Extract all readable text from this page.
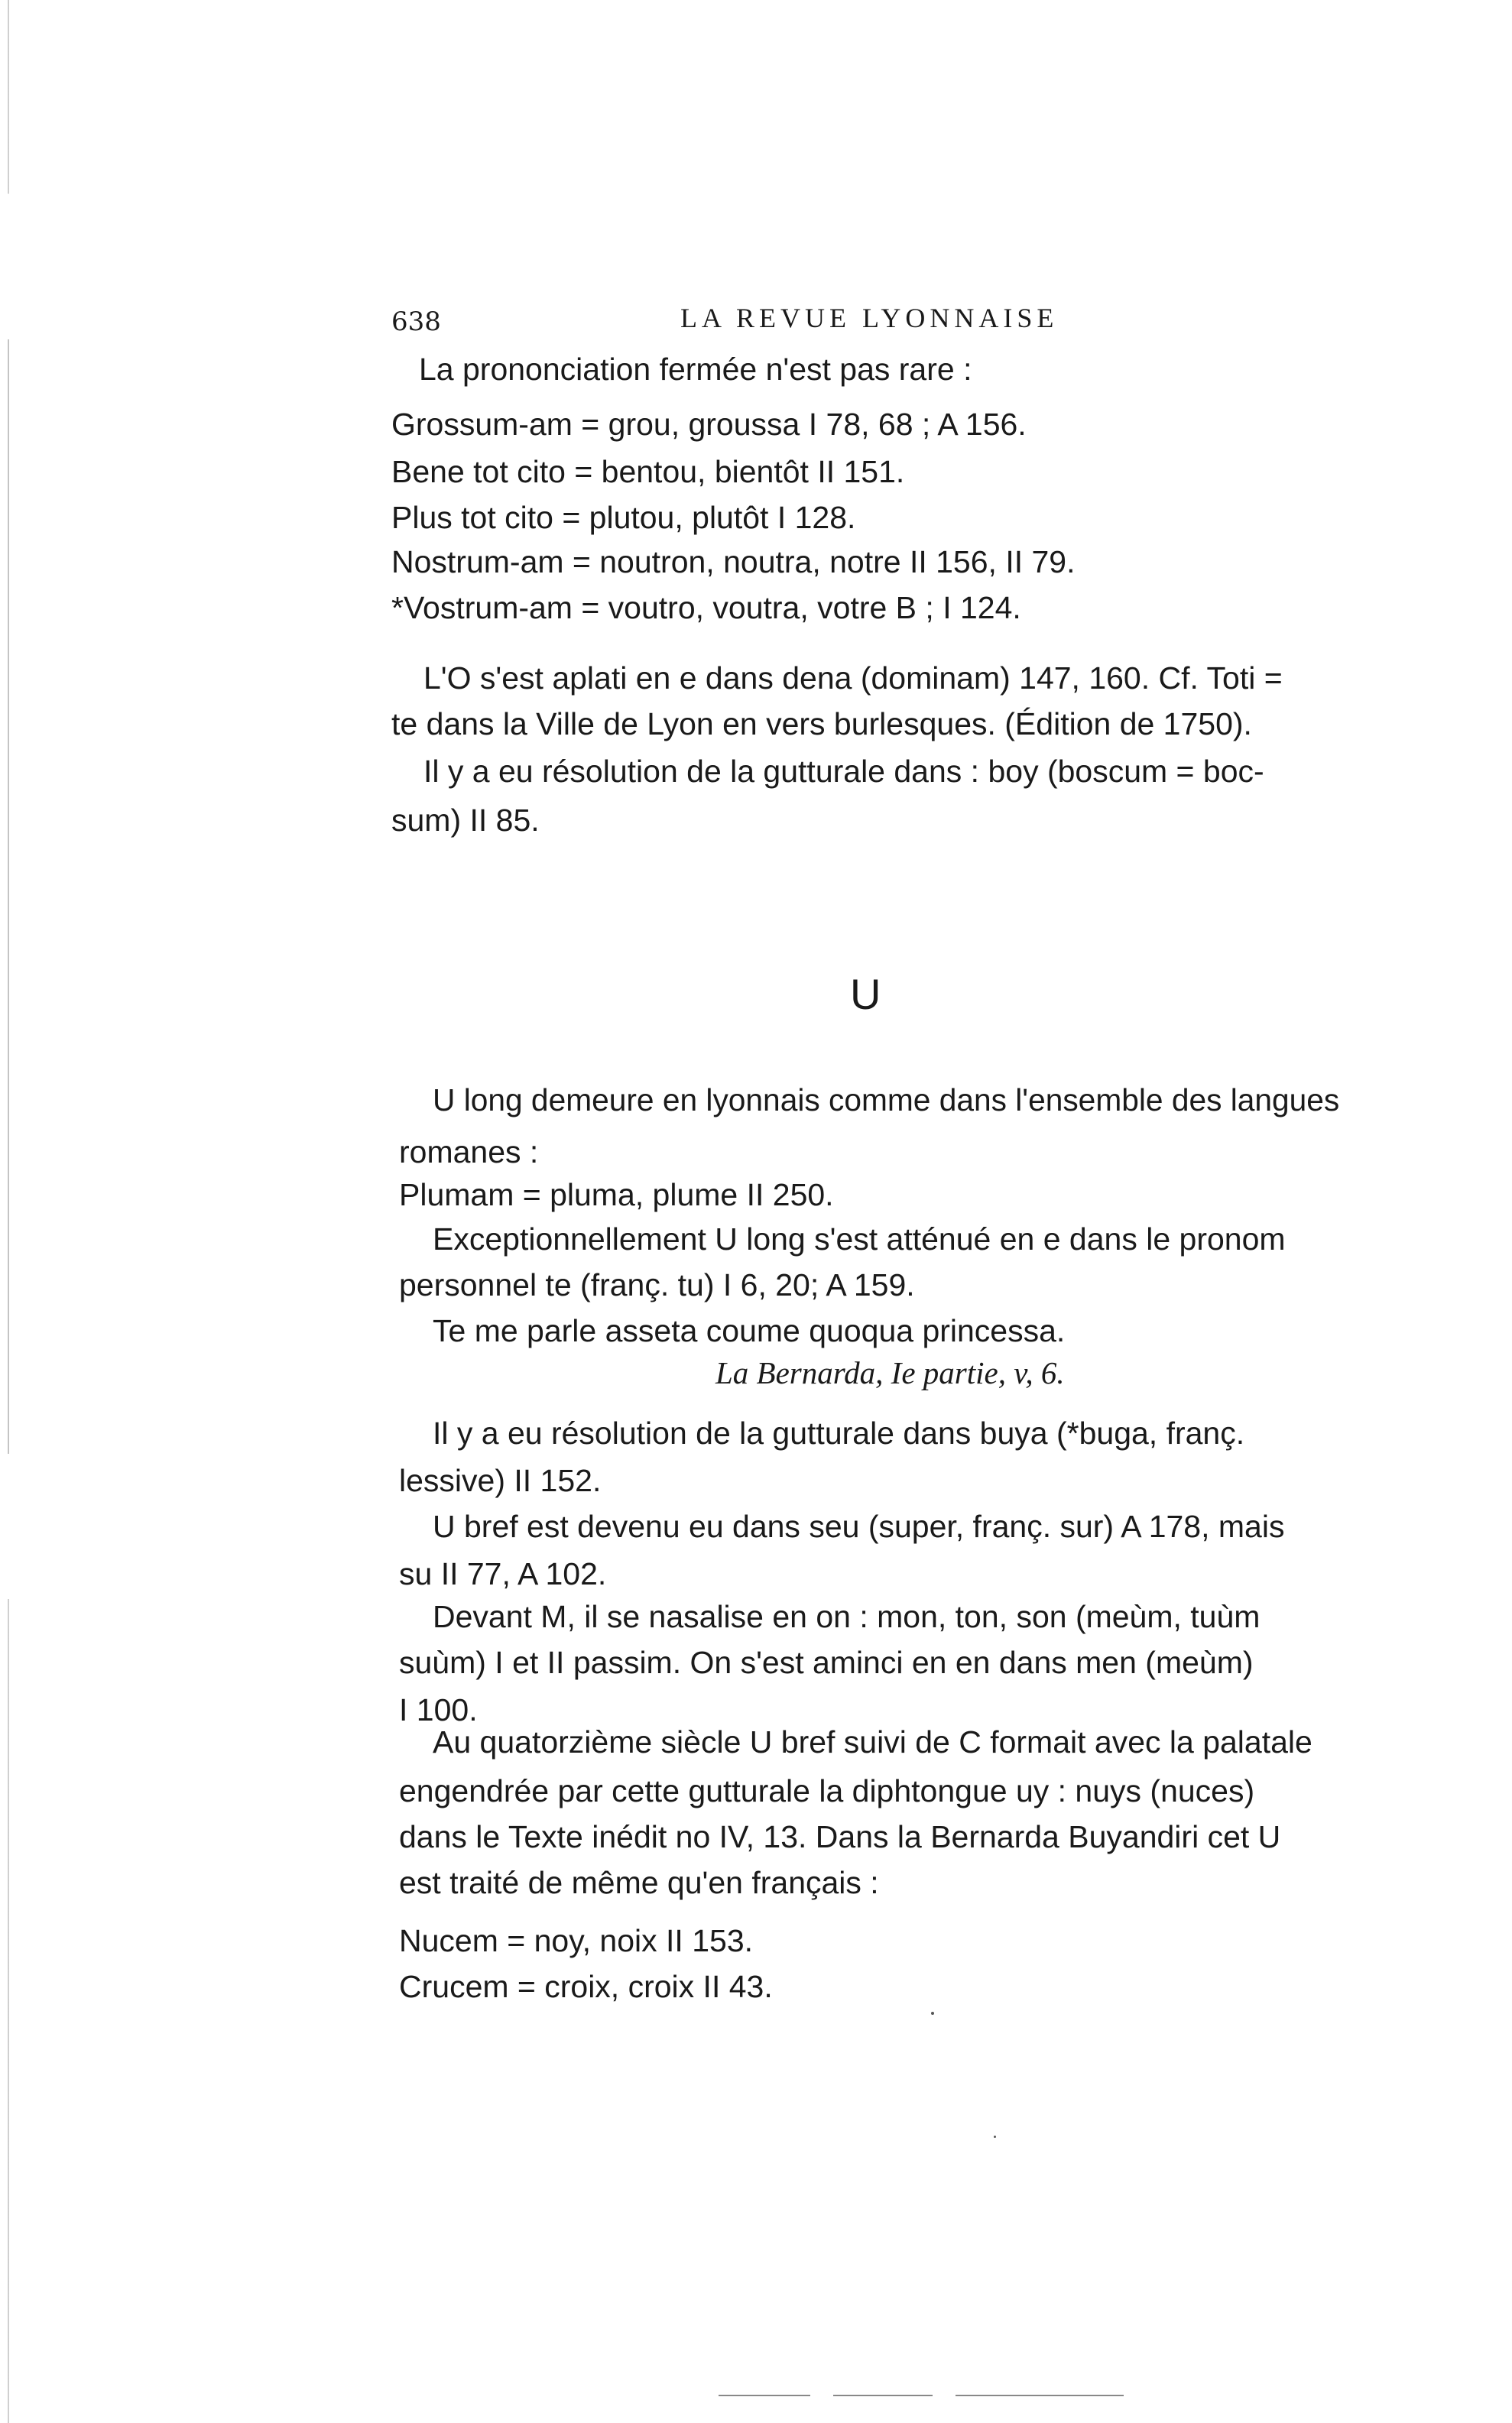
638	LA REVUE LYONNAISE
La prononciation fermée n'est pas rare :
Grossum-am = grou, groussa I 78, 68 ; A 156.
Bene tot cito = bentou, bientôt II 151.
Plus tot cito = plutou, plutôt I 128.
Nostrum-am = noutron, noutra, notre II 156, II 79.
*Vostrum-am = voutro, voutra, votre B ; I 124.
L'O s'est aplati en e dans dena (dominam) 147, 160. Cf. Toti =
te dans la Ville de Lyon en vers burlesques. (Édition de 1750).
Il y a eu résolution de la gutturale dans : boy (boscum = boc-
sum) II 85.
U
U long demeure en lyonnais comme dans l'ensemble des langues
romanes :
Plumam = pluma, plume II 250.
Exceptionnellement U long s'est atténué en e dans le pronom
personnel te (franç. tu) I 6, 20; A 159.
Te me parle asseta coume quoqua princessa.
La Bernarda, Ie partie, v, 6.
Il y a eu résolution de la gutturale dans buya (*buga, franç.
lessive) II 152.
U bref est devenu eu dans seu (super, franç. sur) A 178, mais
su II 77, A 102.
Devant M, il se nasalise en on : mon, ton, son (meùm, tuùm
suùm) I et II passim. On s'est aminci en en dans men (meùm)
I 100.
Au quatorzième siècle U bref suivi de C formait avec la palatale
engendrée par cette gutturale la diphtongue uy : nuys (nuces)
dans le Texte inédit no IV, 13. Dans la Bernarda Buyandiri cet U
est traité de même qu'en français :
Nucem = noy, noix II 153.
Crucem = croix, croix II 43.
